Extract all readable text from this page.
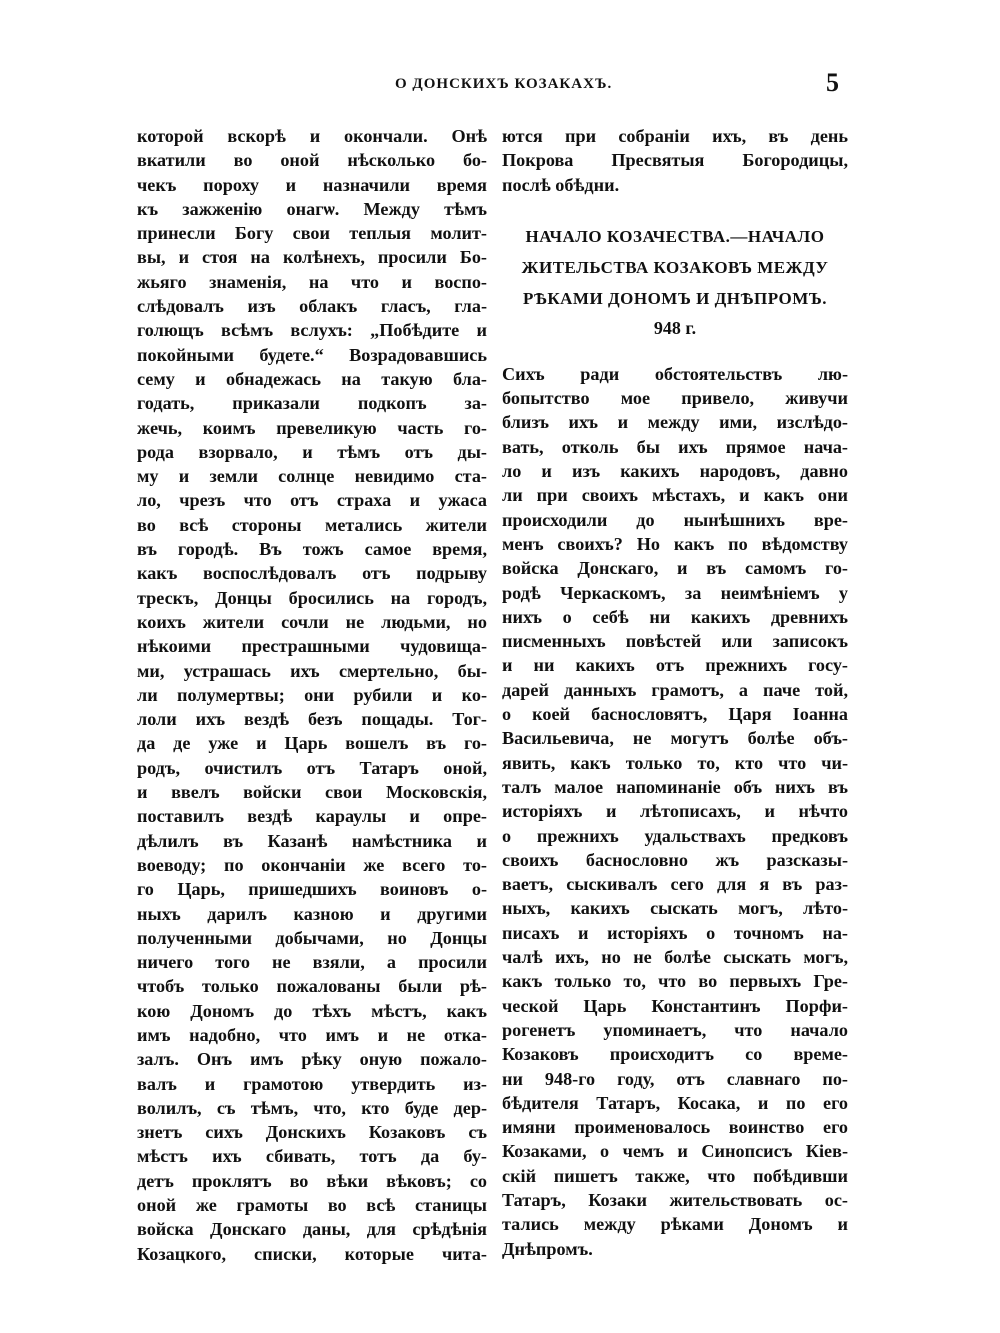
О ДОНСКИХЪ КОЗАКАХЪ.	5
которой вскорѣ и окончали. Онѣ
вкатили во оной нѣсколько бо-
чекъ пороху и назначили время
къ зажженію онагѡ. Между тѣмъ
принесли Богу свои теплыя молит-
вы, и стоя на колѣнехъ, просили Бо-
жьяго знаменія, на что и воспо-
слѣдовалъ изъ облакъ гласъ, гла-
голющъ всѣмъ вслухъ: „Побѣдите и
покойными будете.“ Возрадовавшись
сему и обнадежась на такую бла-
годать, приказали подкопъ за-
жечь, коимъ превеликую часть го-
рода взорвало, и тѣмъ отъ ды-
му и земли солнце невидимо ста-
ло, чрезъ что отъ страха и ужаса
во всѣ стороны метались жители
въ городѣ. Въ тожъ самое время,
какъ воспослѣдовалъ отъ подрыву
трескъ, Донцы бросились на городъ,
коихъ жители сочли не людьми, но
нѣкоими престрашными чудовища-
ми, устрашась ихъ смертельно, бы-
ли полумертвы; они рубили и ко-
лоли ихъ вездѣ безъ пощады. Тог-
да де уже и Царь вошелъ въ го-
родъ, очистилъ отъ Татаръ оной,
и ввелъ войски свои Московскія,
поставилъ вездѣ караулы и опре-
дѣлилъ въ Казанѣ намѣстника и
воеводу; по окончаніи же всего то-
го Царь, пришедшихъ воиновъ о-
ныхъ дарилъ казною и другими
полученными добычами, но Донцы
ничего того не взяли, а просили
чтобъ только пожалованы были рѣ-
кою Дономъ до тѣхъ мѣстъ, какъ
имъ надобно, что имъ и не отка-
залъ. Онъ имъ рѣку оную пожало-
валъ и грамотою утвердить из-
волилъ, съ тѣмъ, что, кто буде дер-
знетъ сихъ Донскихъ Козаковъ съ
мѣстъ ихъ сбивать, тотъ да бу-
детъ проклятъ во вѣки вѣковъ; со
оной же грамоты во всѣ станицы
войска Донскаго даны, для срѣдѣнія
Козацкого, списки, которые чита-
ются при собраніи ихъ, въ день
Покрова Пресвятыя Богородицы,
послѣ обѣдни.
НАЧАЛО КОЗАЧЕСТВА.—НАЧАЛО
ЖИТЕЛЬСТВА КОЗАКОВЪ МЕЖДУ
РѢКАМИ ДОНОМЪ И ДНѢПРОМЪ.
948 г.
Сихъ ради обстоятельствъ лю-
бопытство мое привело, живучи
близъ ихъ и между ими, изслѣдо-
вать, отколь бы ихъ прямое нача-
ло и изъ какихъ народовъ, давно
ли при своихъ мѣстахъ, и какъ они
происходили до нынѣшнихъ вре-
менъ своихъ? Но какъ по вѣдомству
войска Донскаго, и въ самомъ го-
родѣ Черкаскомъ, за неимѣніемъ у
нихъ о себѣ ни какихъ древнихъ
писменныхъ повѣстей или записокъ
и ни какихъ отъ прежнихъ госу-
дарей данныхъ грамотъ, а паче той,
о коей баснословятъ, Царя Іоанна
Васильевича, не могутъ болѣе объ-
явить, какъ только то, кто что чи-
талъ малое напоминаніе объ нихъ въ
исторіяхъ и лѣтописахъ, и нѣчто
о прежнихъ удальствахъ предковъ
своихъ баснословно жъ разсказы-
ваетъ, сыскивалъ сего для я въ раз-
ныхъ, какихъ сыскать могъ, лѣто-
писахъ и исторіяхъ о точномъ на-
чалѣ ихъ, но не болѣе сыскать могъ,
какъ только то, что во первыхъ Гре-
ческой Царь Константинъ Порфи-
рогенетъ упоминаетъ, что начало
Козаковъ происходитъ со време-
ни 948-го году, отъ славнаго по-
бѣдителя Татаръ, Косака, и по его
имяни проименовалось воинство его
Козаками, о чемъ и Синопсисъ Кіев-
скій пишетъ также, что побѣдивши
Татаръ, Козаки жительствовать ос-
тались между рѣками Дономъ и
Днѣпромъ.
